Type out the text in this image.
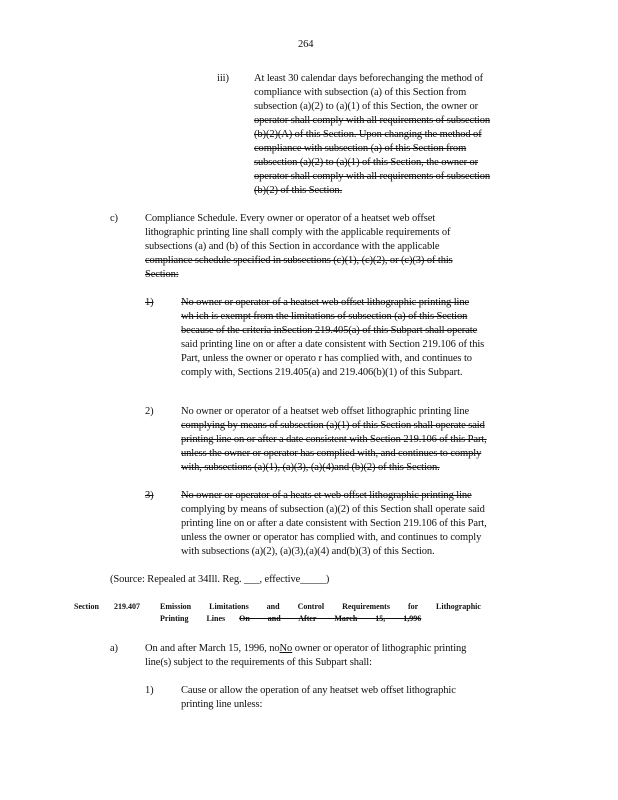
264
iii) At least 30 calendar days beforechanging the method of
compliance with subsection (a) of this Section from
subsection (a)(2) to (a)(1) of this Section, the owner or
operator shall comply with all requirements of subsection
(b)(2)(A) of this Section. Upon changing the method of
compliance with subsection (a) of this Section from
subsection (a)(2) to (a)(1) of this Section, the owner or
operator shall comply with all requirements of subsection
(b)(2) of this Section.
c)	Compliance Schedule. Every owner or operator of a heatset web offset
lithographic printing line shall comply with the applicable requirements of
subsections (a) and (b) of this Section in accordance with the applicable
compliance schedule specified in subsections (c)(1), (c)(2), or (c)(3) of this
Section:
1)	No owner or operator of a heatset web offset lithographic printing line
wh ich is exempt from the limitations of subsection (a) of this Section
because of the criteria inSection 219.405(a) of this Subpart shall operate
said printing line on or after a date consistent with Section 219.106 of this
Part, unless the owner or operato r has complied with, and continues to
comply with, Sections 219.405(a) and 219.406(b)(1) of this Subpart.
2)	No owner or operator of a heatset web offset lithographic printing line
complying by means of subsection (a)(1) of this Section shall operate said
printing line on or after a date consistent with Section 219.106 of this Part,
unless the owner or operator has complied with, and continues to comply
with, subsections (a)(1), (a)(3), (a)(4)and (b)(2) of this Section.
3)	No owner or operator of a heats et web offset lithographic printing line
complying by means of subsection (a)(2) of this Section shall operate said
printing line on or after a date consistent with Section 219.106 of this Part,
unless the owner or operator has complied with, and continues to comply
with subsections (a)(2), (a)(3),(a)(4) and(b)(3) of this Section.
(Source: Repealed at 34Ill. Reg. ___, effective_____)
Section 219.407	Emission Limitations and Control Requirements for Lithographic
Printing Lines On and After March 15, 1,996
a)	On and after March 15, 1996, noNo owner or operator of lithographic printing
line(s) subject to the requirements of this Subpart shall:
1)	Cause or allow the operation of any heatset web offset lithographic
printing line unless:
